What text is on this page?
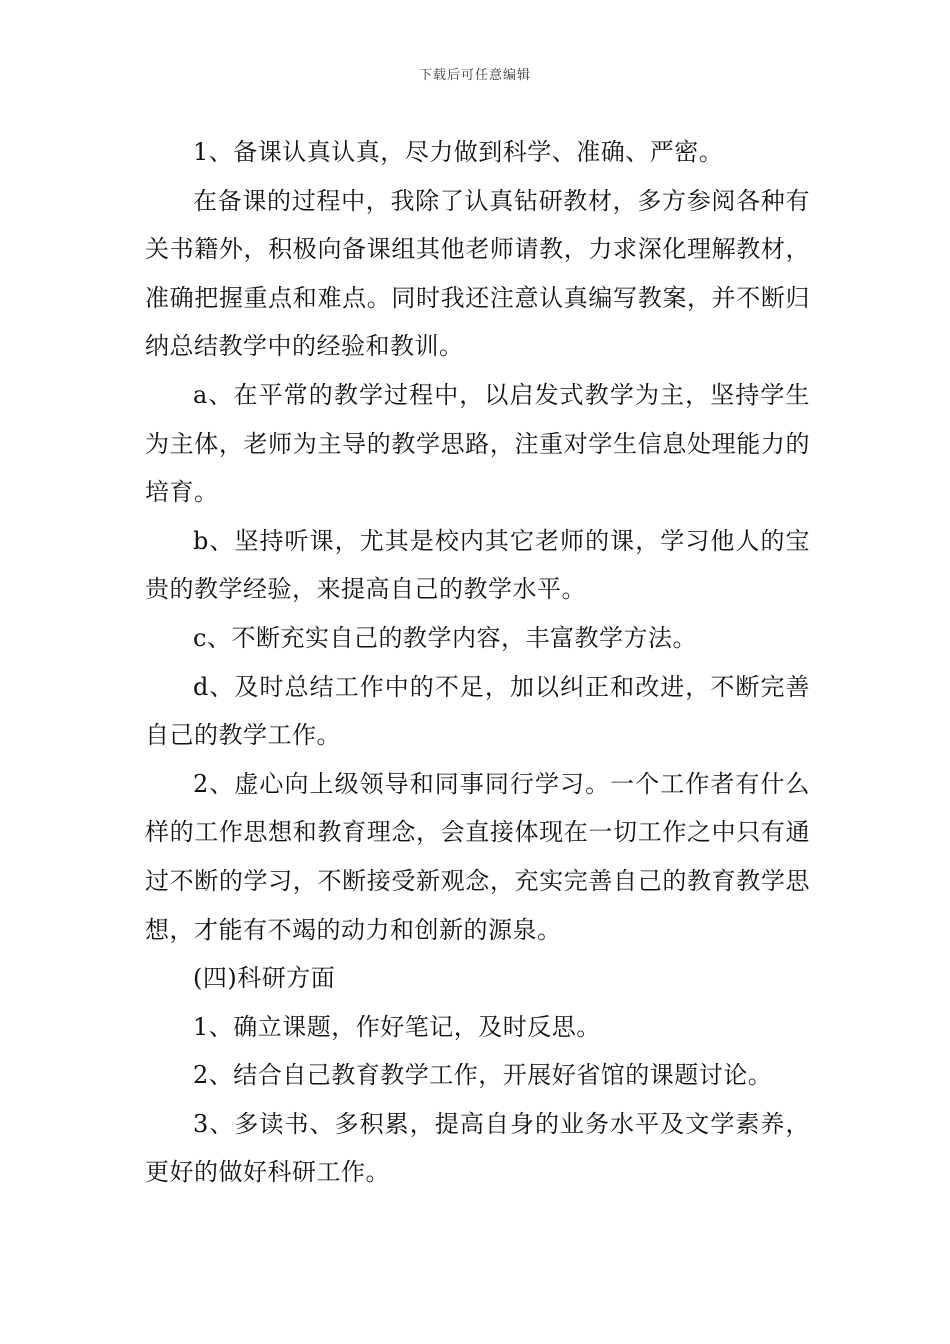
下载后可任意编辑

1、备课认真认真，尽力做到科学、准确、严密。

在备课的过程中，我除了认真钻研教材，多方参阅各种有关书籍外，积极向备课组其他老师请教，力求深化理解教材，准确把握重点和难点。同时我还注意认真编写教案，并不断归纳总结教学中的经验和教训。

a、在平常的教学过程中，以启发式教学为主，坚持学生为主体，老师为主导的教学思路，注重对学生信息处理能力的培育。

b、坚持听课，尤其是校内其它老师的课，学习他人的宝贵的教学经验，来提高自己的教学水平。

c、不断充实自己的教学内容，丰富教学方法。

d、及时总结工作中的不足，加以纠正和改进，不断完善自己的教学工作。

2、虚心向上级领导和同事同行学习。一个工作者有什么样的工作思想和教育理念，会直接体现在一切工作之中只有通过不断的学习，不断接受新观念，充实完善自己的教育教学思想，才能有不竭的动力和创新的源泉。

(四)科研方面

1、确立课题，作好笔记，及时反思。

2、结合自己教育教学工作，开展好省馆的课题讨论。

3、多读书、多积累，提高自身的业务水平及文学素养，更好的做好科研工作。
